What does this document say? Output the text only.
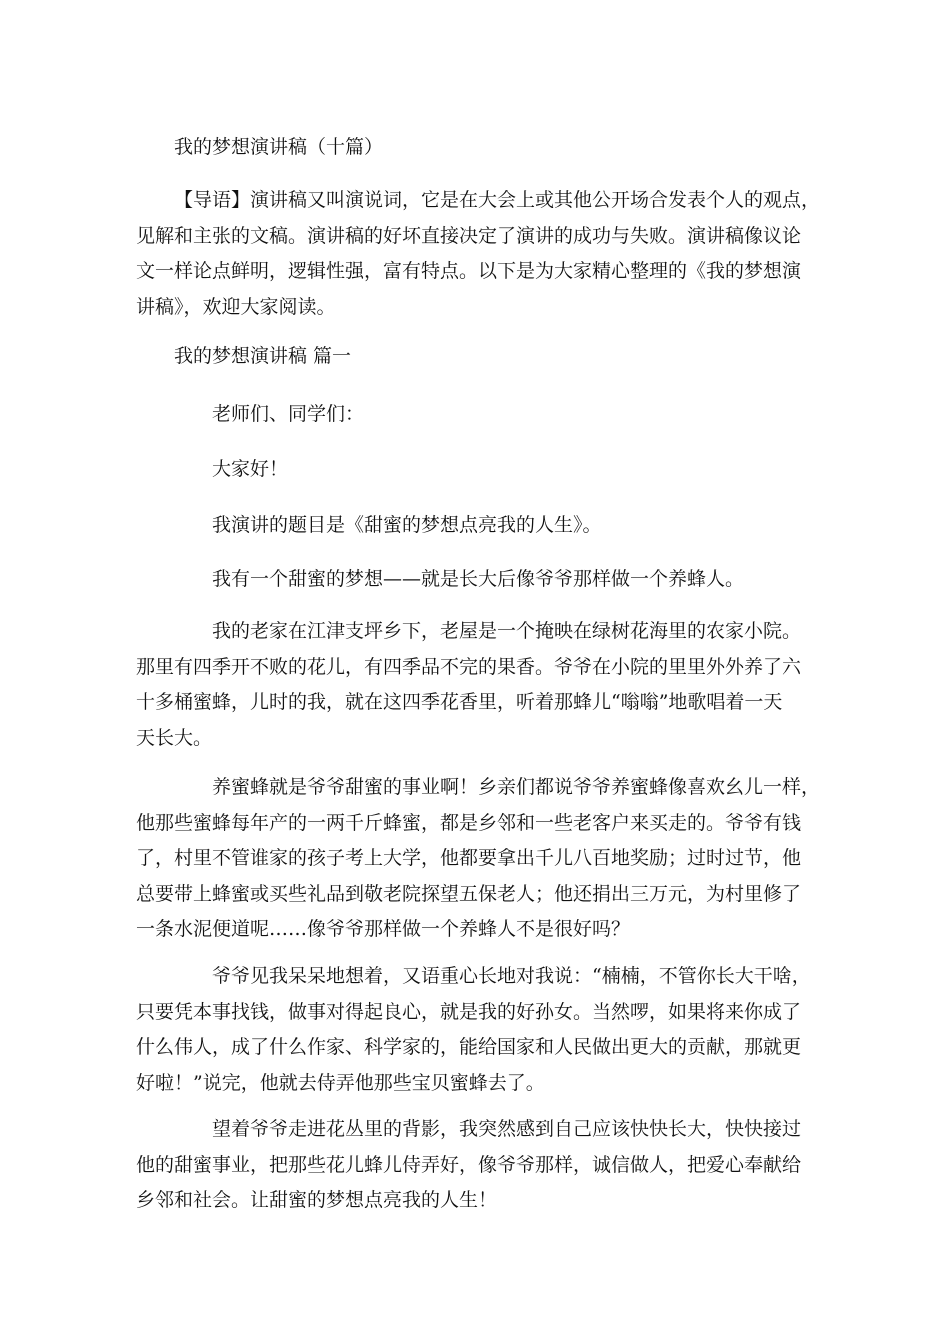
我的梦想演讲稿（十篇）
【导语】演讲稿又叫演说词，它是在大会上或其他公开场合发表个人的观点，
见解和主张的文稿。演讲稿的好坏直接决定了演讲的成功与失败。演讲稿像议论
文一样论点鲜明，逻辑性强，富有特点。以下是为大家精心整理的《我的梦想演
讲稿》，欢迎大家阅读。
我的梦想演讲稿 篇一
老师们、同学们：
大家好！
我演讲的题目是《甜蜜的梦想点亮我的人生》。
我有一个甜蜜的梦想——就是长大后像爷爷那样做一个养蜂人。
我的老家在江津支坪乡下，老屋是一个掩映在绿树花海里的农家小院。
那里有四季开不败的花儿，有四季品不完的果香。爷爷在小院的里里外外养了六
十多桶蜜蜂，儿时的我，就在这四季花香里，听着那蜂儿“嗡嗡”地歌唱着一天
天长大。
养蜜蜂就是爷爷甜蜜的事业啊！乡亲们都说爷爷养蜜蜂像喜欢幺儿一样，
他那些蜜蜂每年产的一两千斤蜂蜜，都是乡邻和一些老客户来买走的。爷爷有钱
了，村里不管谁家的孩子考上大学，他都要拿出千儿八百地奖励；过时过节，他
总要带上蜂蜜或买些礼品到敬老院探望五保老人；他还捐出三万元，为村里修了
一条水泥便道呢……像爷爷那样做一个养蜂人不是很好吗？
爷爷见我呆呆地想着，又语重心长地对我说：“楠楠，不管你长大干啥，
只要凭本事找钱，做事对得起良心，就是我的好孙女。当然啰，如果将来你成了
什么伟人，成了什么作家、科学家的，能给国家和人民做出更大的贡献，那就更
好啦！”说完，他就去侍弄他那些宝贝蜜蜂去了。
望着爷爷走进花丛里的背影，我突然感到自己应该快快长大，快快接过
他的甜蜜事业，把那些花儿蜂儿侍弄好，像爷爷那样，诚信做人，把爱心奉献给
乡邻和社会。让甜蜜的梦想点亮我的人生！
